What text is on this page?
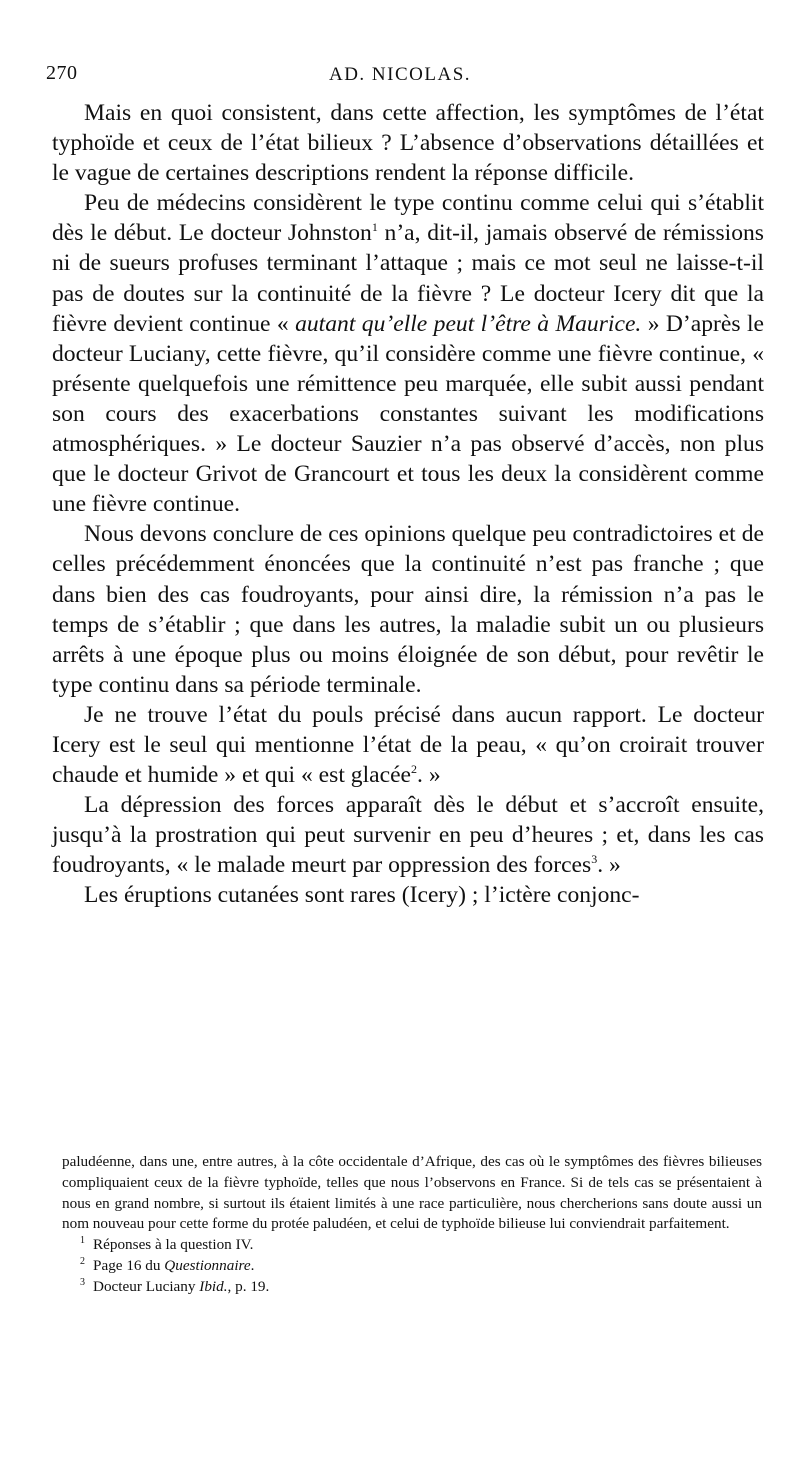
270	AD. NICOLAS.

Mais en quoi consistent, dans cette affection, les symptômes de l’état typhoïde et ceux de l’état bilieux ? L’absence d’observations détaillées et le vague de certaines descriptions rendent la réponse difficile.

Peu de médecins considèrent le type continu comme celui qui s’établit dès le début. Le docteur Johnston$^1$ n’a, dit-il, jamais observé de rémissions ni de sueurs profuses terminant l’attaque ; mais ce mot seul ne laisse-t-il pas de doutes sur la continuité de la fièvre ? Le docteur Icery dit que la fièvre devient continue « autant qu’elle peut l’être à Maurice. » D’après le docteur Luciany, cette fièvre, qu’il considère comme une fièvre continue, « présente quelquefois une rémittence peu marquée, elle subit aussi pendant son cours des exacerbations constantes suivant les modifications atmosphériques. » Le docteur Sauzier n’a pas observé d’accès, non plus que le docteur Grivot de Grancourt et tous les deux la considèrent comme une fièvre continue.

Nous devons conclure de ces opinions quelque peu contradictoires et de celles précédemment énoncées que la continuité n’est pas franche ; que dans bien des cas foudroyants, pour ainsi dire, la rémission n’a pas le temps de s’établir ; que dans les autres, la maladie subit un ou plusieurs arrêts à une époque plus ou moins éloignée de son début, pour revêtir le type continu dans sa période terminale.

Je ne trouve l’état du pouls précisé dans aucun rapport. Le docteur Icery est le seul qui mentionne l’état de la peau, « qu’on croirait trouver chaude et humide » et qui « est glacée$^2$. »

La dépression des forces apparaît dès le début et s’accroît ensuite, jusqu’à la prostration qui peut survenir en peu d’heures ; et, dans les cas foudroyants, « le malade meurt par oppression des forces$^3$. »

Les éruptions cutanées sont rares (Icery) ; l’ictère conjonc-

paludéenne, dans une, entre autres, à la côte occidentale d’Afrique, des cas où le symptômes des fièvres bilieuses compliquaient ceux de la fièvre typhoïde, telles que nous l’observons en France. Si de tels cas se présentaient à nous en grand nombre, si surtout ils étaient limités à une race particulière, nous chercherions sans doute aussi un nom nouveau pour cette forme du protée paludéen, et celui de typhoïde bilieuse lui conviendrait parfaitement.

$^1$ Réponses à la question IV.

$^2$ Page 16 du Questionnaire.

$^3$ Docteur Luciany Ibid., p. 19.
